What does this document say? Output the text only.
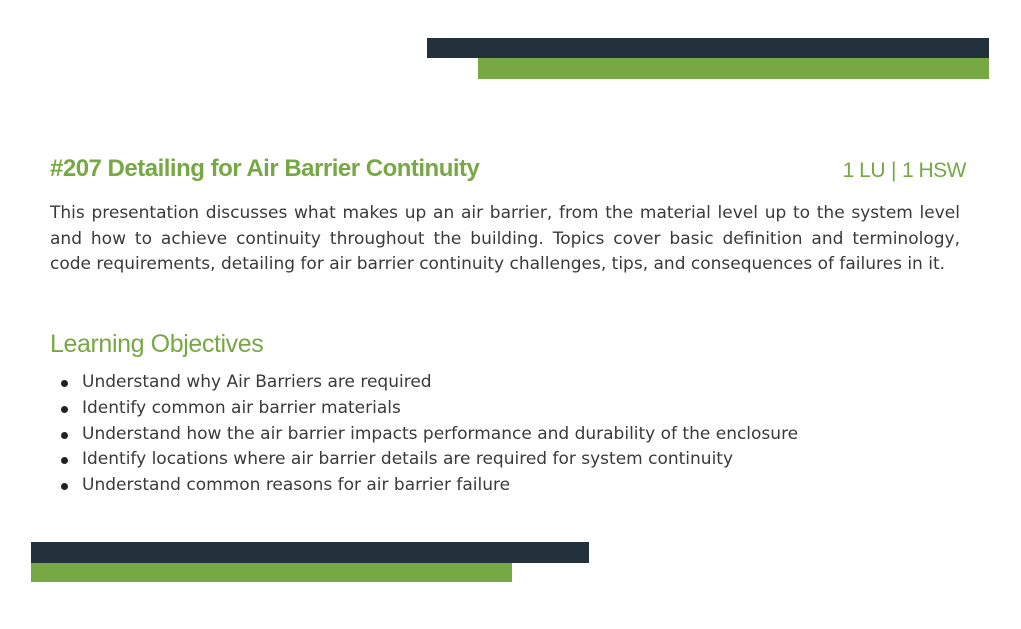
#207 Detailing for Air Barrier Continuity	1 LU | 1 HSW

This presentation discusses what makes up an air barrier, from the material level up to the system level and how to achieve continuity throughout the building. Topics cover basic definition and terminology, code requirements, detailing for air barrier continuity challenges, tips, and consequences of failures in it.

Learning Objectives
Understand why Air Barriers are required
Identify common air barrier materials
Understand how the air barrier impacts performance and durability of the enclosure
Identify locations where air barrier details are required for system continuity
Understand common reasons for air barrier failure
